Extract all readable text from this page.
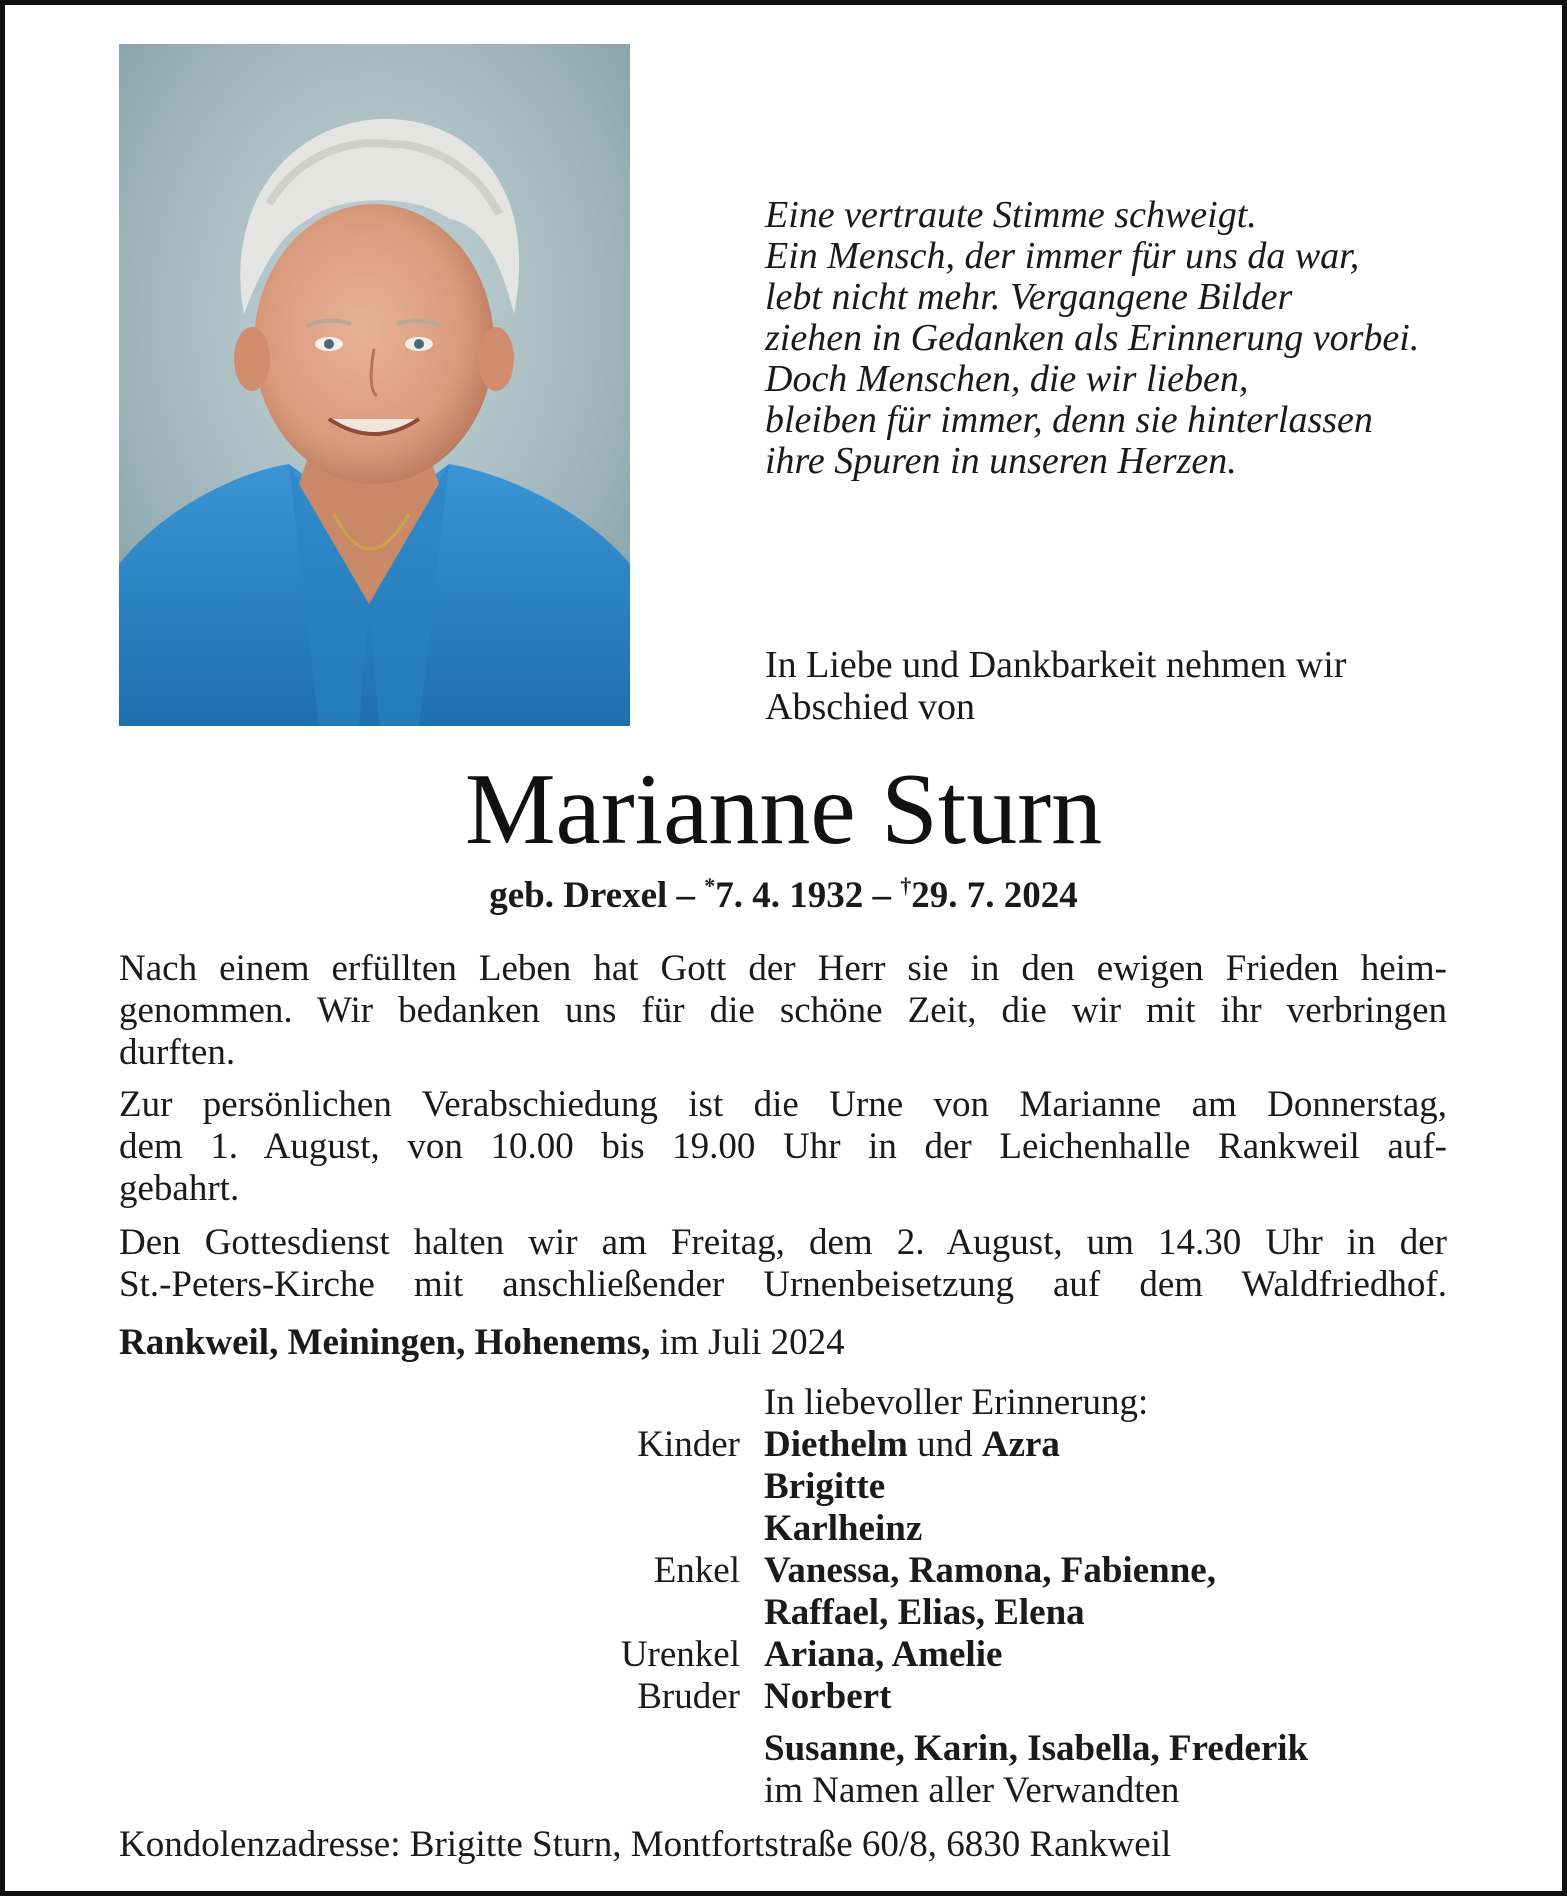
Eine vertraute Stimme schweigt.
Ein Mensch, der immer für uns da war,
lebt nicht mehr. Vergangene Bilder
ziehen in Gedanken als Erinnerung vorbei.
Doch Menschen, die wir lieben,
bleiben für immer, denn sie hinterlassen
ihre Spuren in unseren Herzen.
In Liebe und Dankbarkeit nehmen wir
Abschied von
Marianne Sturn
geb. Drexel – *7. 4. 1932 – †29. 7. 2024
Nach einem erfüllten Leben hat Gott der Herr sie in den ewigen Frieden heim-
genommen. Wir bedanken uns für die schöne Zeit, die wir mit ihr verbringen
durften.
Zur persönlichen Verabschiedung ist die Urne von Marianne am Donnerstag,
dem 1. August, von 10.00 bis 19.00 Uhr in der Leichenhalle Rankweil auf-
gebahrt.
Den Gottesdienst halten wir am Freitag, dem 2. August, um 14.30 Uhr in der
St.-Peters-Kirche mit anschließender Urnenbeisetzung auf dem Waldfriedhof.
Rankweil, Meiningen, Hohenems, im Juli 2024
In liebevoller Erinnerung:
Kinder Diethelm und Azra
Brigitte
Karlheinz
Enkel Vanessa, Ramona, Fabienne,
Raffael, Elias, Elena
Urenkel Ariana, Amelie
Bruder Norbert
Susanne, Karin, Isabella, Frederik
im Namen aller Verwandten
Kondolenzadresse: Brigitte Sturn, Montfortstraße 60/8, 6830 Rankweil
